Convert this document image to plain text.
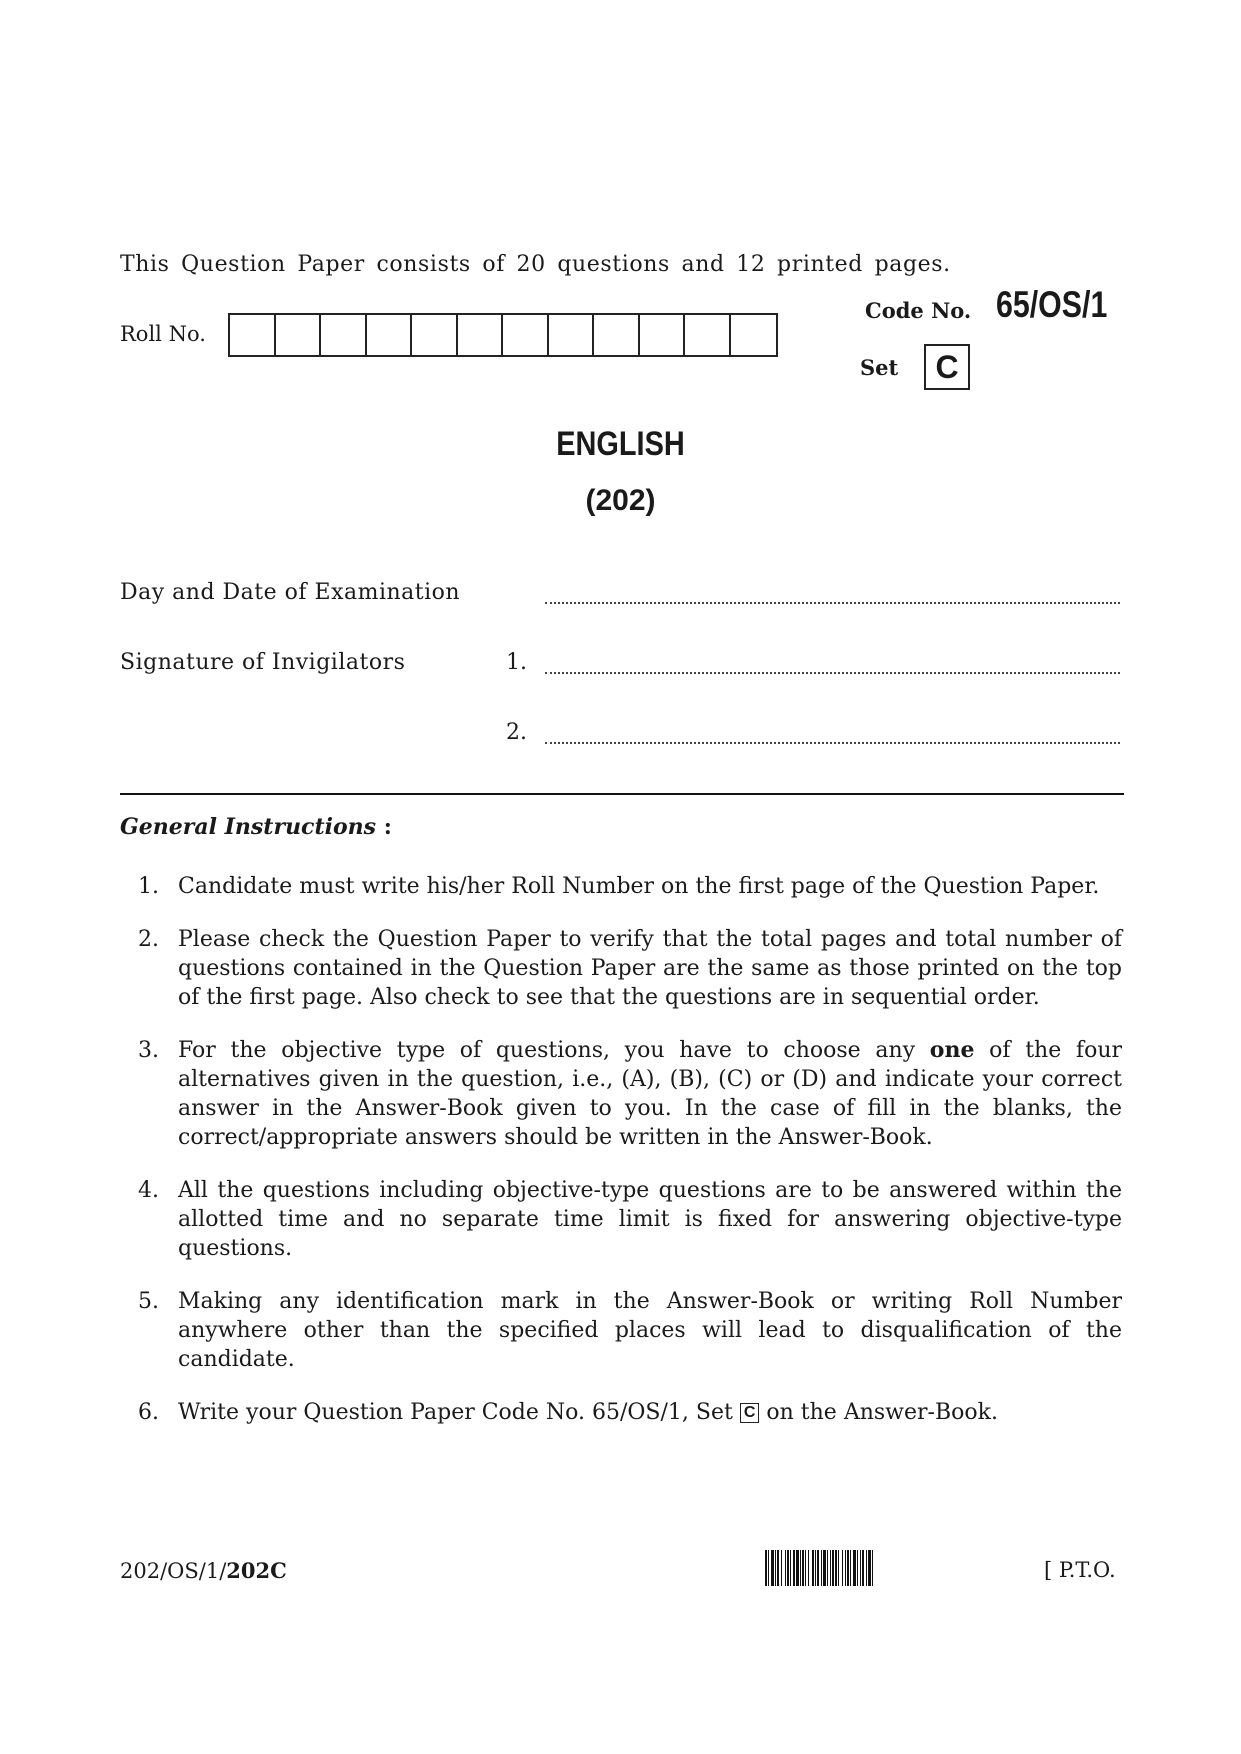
This Question Paper consists of 20 questions and 12 printed pages.
Roll No.
Code No. 65/OS/1
Set	C
ENGLISH
(202)
Day and Date of Examination
Signature of Invigilators	1.
2.
General Instructions :
1. Candidate must write his/her Roll Number on the first page of the Question Paper.
2. Please check the Question Paper to verify that the total pages and total number of questions contained in the Question Paper are the same as those printed on the top of the first page. Also check to see that the questions are in sequential order.
3. For the objective type of questions, you have to choose any one of the four alternatives given in the question, i.e., (A), (B), (C) or (D) and indicate your correct answer in the Answer-Book given to you. In the case of fill in the blanks, the correct/appropriate answers should be written in the Answer-Book.
4. All the questions including objective-type questions are to be answered within the allotted time and no separate time limit is fixed for answering objective-type questions.
5. Making any identification mark in the Answer-Book or writing Roll Number anywhere other than the specified places will lead to disqualification of the candidate.
6. Write your Question Paper Code No. 65/OS/1, Set C on the Answer-Book.
202/OS/1/202C	[ P.T.O.
